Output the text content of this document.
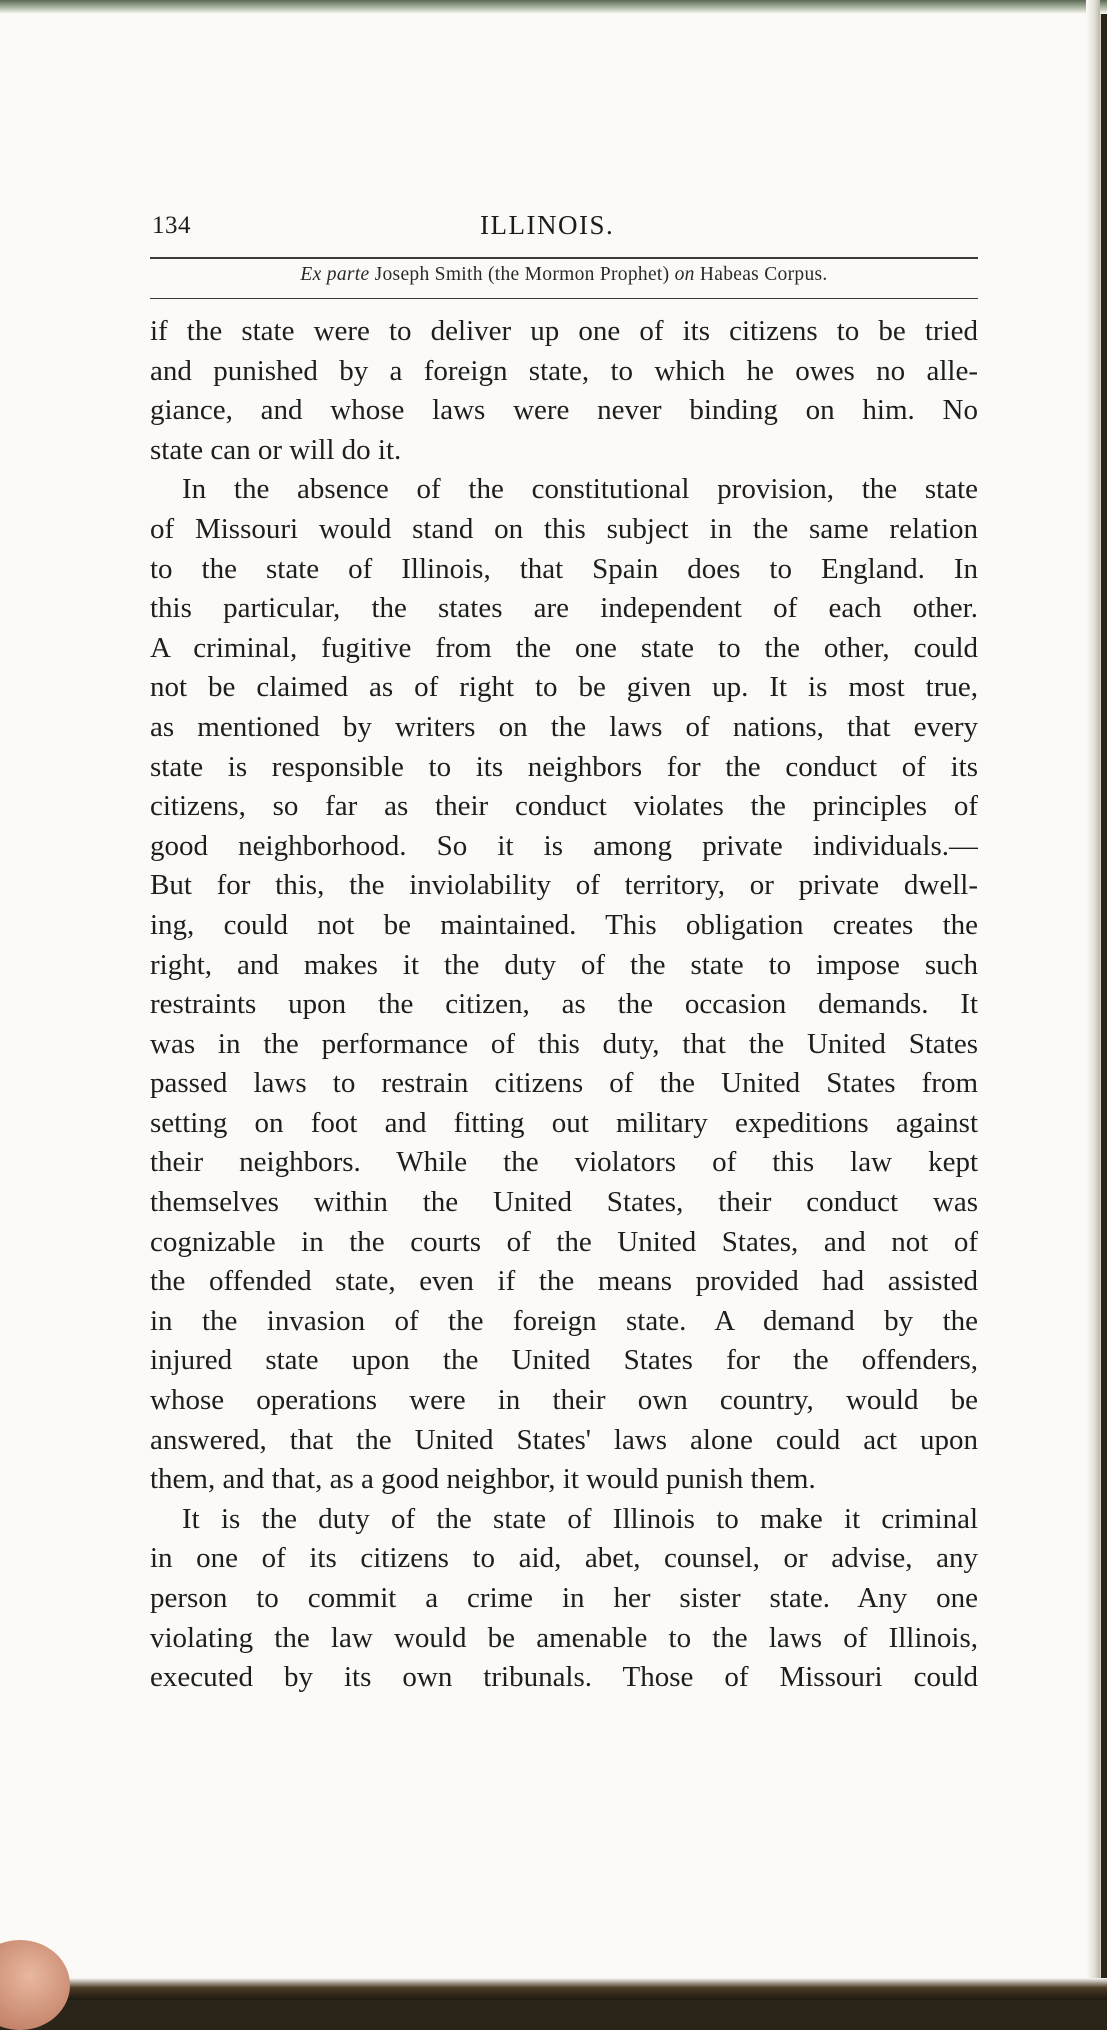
134	ILLINOIS.
Ex parte Joseph Smith (the Mormon Prophet) on Habeas Corpus.
if the state were to deliver up one of its citizens to be tried
and punished by a foreign state, to which he owes no alle-
giance, and whose laws were never binding on him. No
state can or will do it.
In the absence of the constitutional provision, the state
of Missouri would stand on this subject in the same relation
to the state of Illinois, that Spain does to England. In
this particular, the states are independent of each other.
A criminal, fugitive from the one state to the other, could
not be claimed as of right to be given up. It is most true,
as mentioned by writers on the laws of nations, that every
state is responsible to its neighbors for the conduct of its
citizens, so far as their conduct violates the principles of
good neighborhood. So it is among private individuals.—
But for this, the inviolability of territory, or private dwell-
ing, could not be maintained. This obligation creates the
right, and makes it the duty of the state to impose such
restraints upon the citizen, as the occasion demands. It
was in the performance of this duty, that the United States
passed laws to restrain citizens of the United States from
setting on foot and fitting out military expeditions against
their neighbors. While the violators of this law kept
themselves within the United States, their conduct was
cognizable in the courts of the United States, and not of
the offended state, even if the means provided had assisted
in the invasion of the foreign state. A demand by the
injured state upon the United States for the offenders,
whose operations were in their own country, would be
answered, that the United States' laws alone could act upon
them, and that, as a good neighbor, it would punish them.
It is the duty of the state of Illinois to make it criminal
in one of its citizens to aid, abet, counsel, or advise, any
person to commit a crime in her sister state. Any one
violating the law would be amenable to the laws of Illinois,
executed by its own tribunals. Those of Missouri could
